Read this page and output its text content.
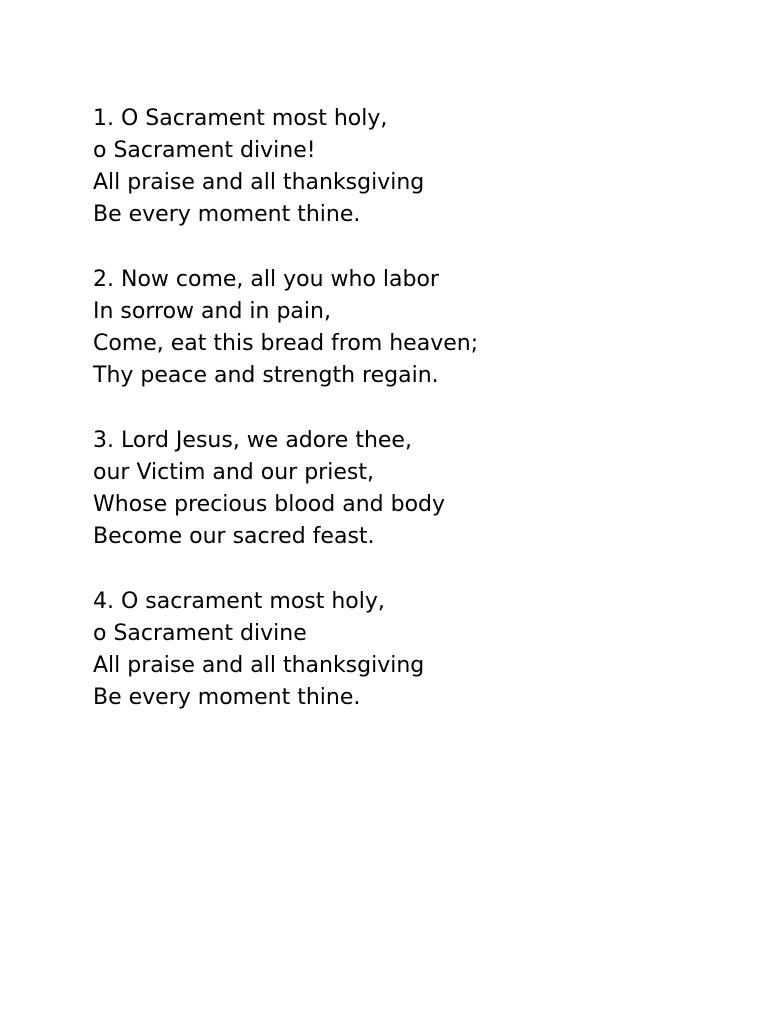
1. O Sacrament most holy,
o Sacrament divine!
All praise and all thanksgiving
Be every moment thine.
2. Now come, all you who labor
In sorrow and in pain,
Come, eat this bread from heaven;
Thy peace and strength regain.
3. Lord Jesus, we adore thee,
our Victim and our priest,
Whose precious blood and body
Become our sacred feast.
4. O sacrament most holy,
o Sacrament divine
All praise and all thanksgiving
Be every moment thine.
